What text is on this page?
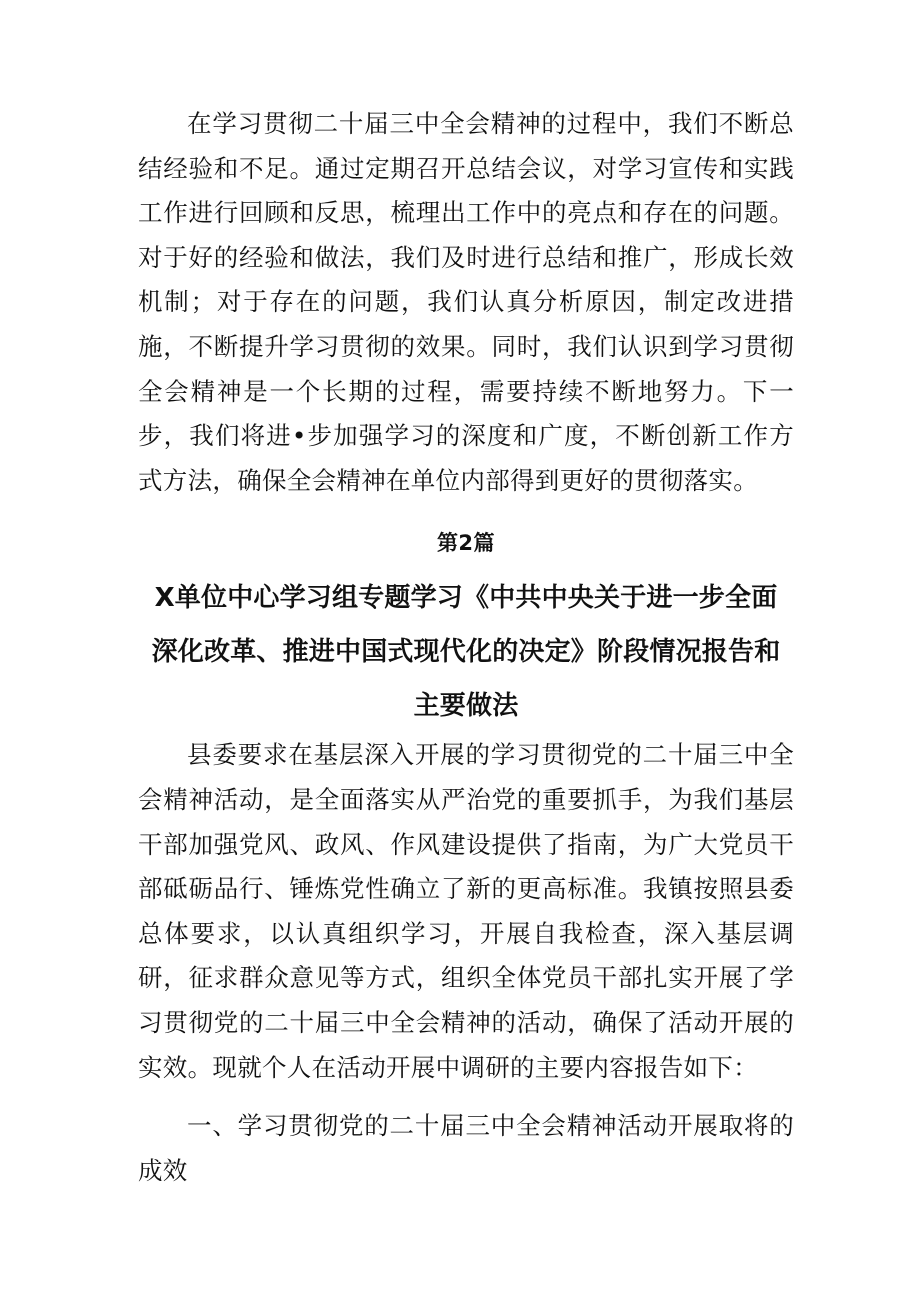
在学习贯彻二十届三中全会精神的过程中，我们不断总结经验和不足。通过定期召开总结会议，对学习宣传和实践工作进行回顾和反思，梳理出工作中的亮点和存在的问题。对于好的经验和做法，我们及时进行总结和推广，形成长效机制；对于存在的问题，我们认真分析原因，制定改进措施，不断提升学习贯彻的效果。同时，我们认识到学习贯彻全会精神是一个长期的过程，需要持续不断地努力。下一步，我们将进•步加强学习的深度和广度，不断创新工作方式方法，确保全会精神在单位内部得到更好的贯彻落实。

第2篇
X单位中心学习组专题学习《中共中央关于进一步全面深化改革、推进中国式现代化的决定》阶段情况报告和主要做法

县委要求在基层深入开展的学习贯彻党的二十届三中全会精神活动，是全面落实从严治党的重要抓手，为我们基层干部加强党风、政风、作风建设提供了指南，为广大党员干部砥砺品行、锤炼党性确立了新的更高标准。我镇按照县委总体要求，以认真组织学习，开展自我检查，深入基层调研，征求群众意见等方式，组织全体党员干部扎实开展了学习贯彻党的二十届三中全会精神的活动，确保了活动开展的实效。现就个人在活动开展中调研的主要内容报告如下：

一、学习贯彻党的二十届三中全会精神活动开展取将的成效
